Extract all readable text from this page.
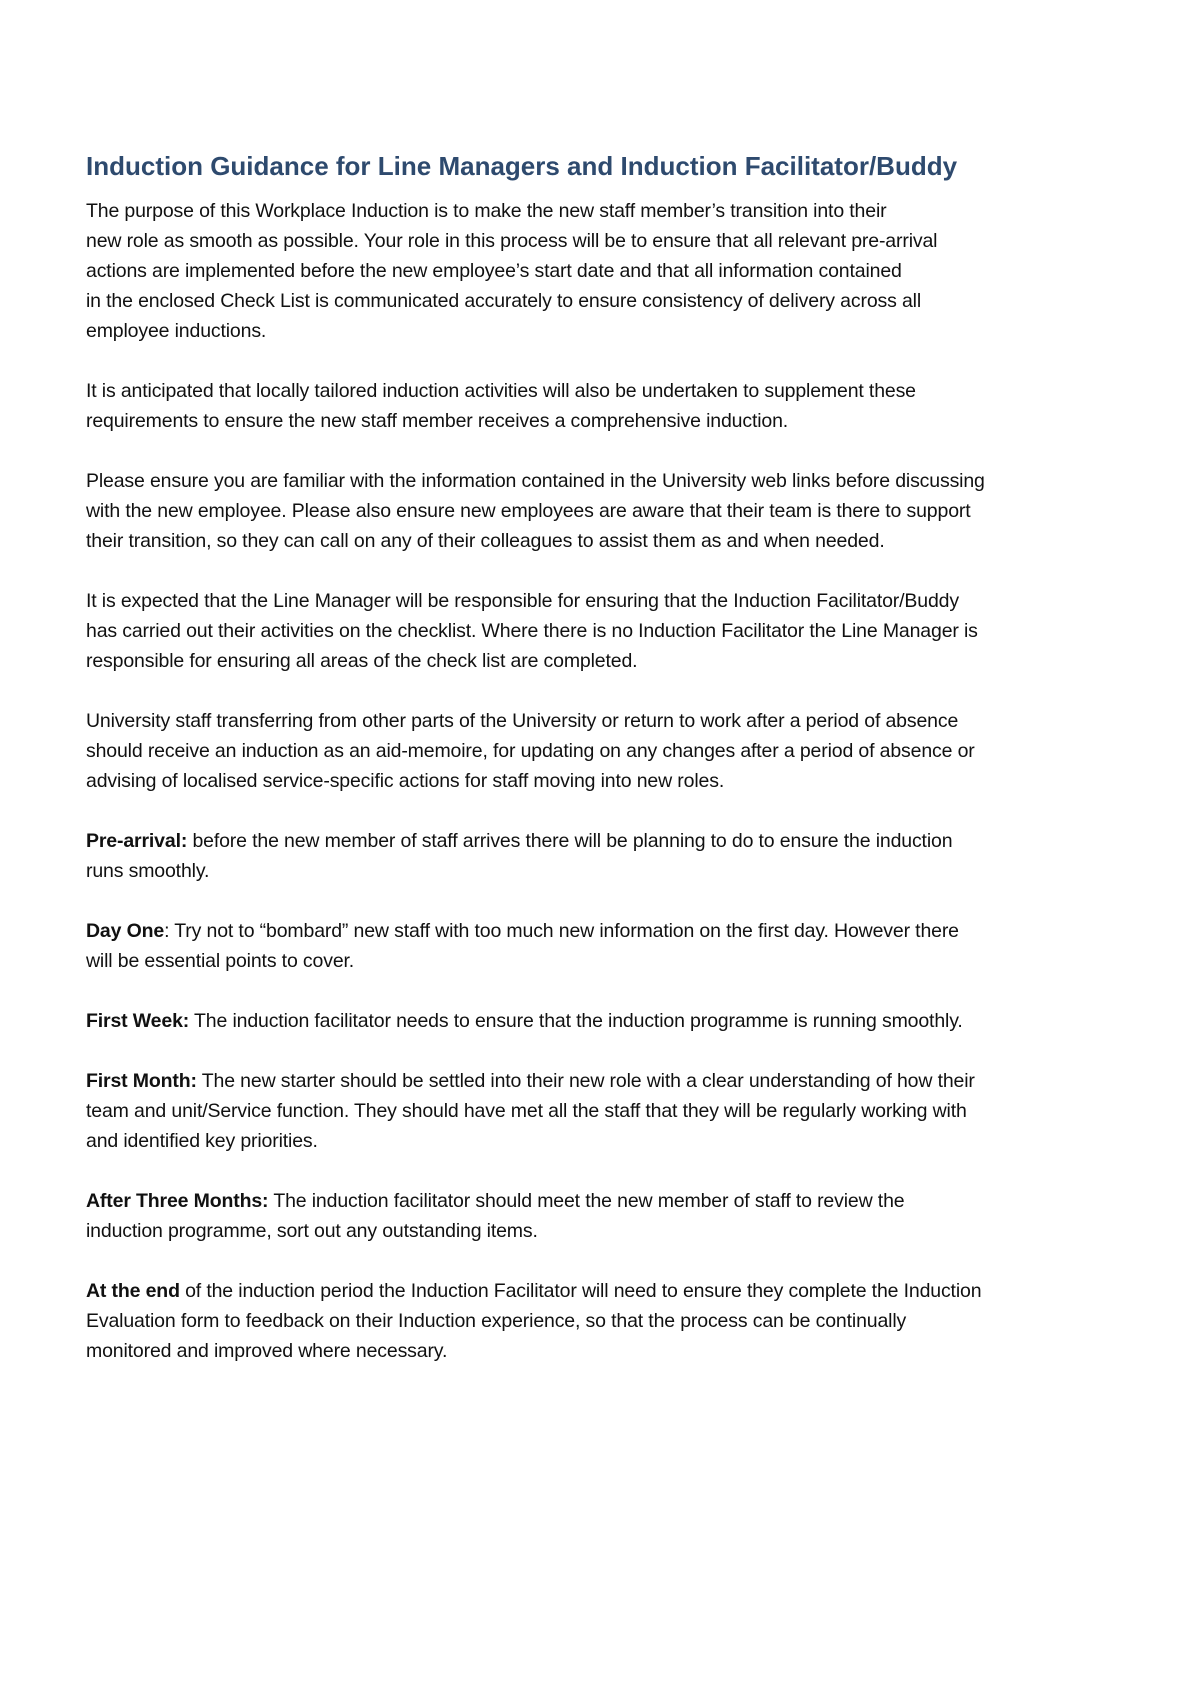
Induction Guidance for Line Managers and Induction Facilitator/Buddy

The purpose of this Workplace Induction is to make the new staff member’s transition into their
new role as smooth as possible. Your role in this process will be to ensure that all relevant pre-arrival
actions are implemented before the new employee’s start date and that all information contained
in the enclosed Check List is communicated accurately to ensure consistency of delivery across all
employee inductions.

It is anticipated that locally tailored induction activities will also be undertaken to supplement these
requirements to ensure the new staff member receives a comprehensive induction.

Please ensure you are familiar with the information contained in the University web links before discussing
with the new employee. Please also ensure new employees are aware that their team is there to support
their transition, so they can call on any of their colleagues to assist them as and when needed.

It is expected that the Line Manager will be responsible for ensuring that the Induction Facilitator/Buddy
has carried out their activities on the checklist. Where there is no Induction Facilitator the Line Manager is
responsible for ensuring all areas of the check list are completed.

University staff transferring from other parts of the University or return to work after a period of absence
should receive an induction as an aid-memoire, for updating on any changes after a period of absence or
advising of localised service-specific actions for staff moving into new roles.

Pre-arrival: before the new member of staff arrives there will be planning to do to ensure the induction
runs smoothly.

Day One: Try not to “bombard” new staff with too much new information on the first day. However there
will be essential points to cover.

First Week: The induction facilitator needs to ensure that the induction programme is running smoothly.

First Month: The new starter should be settled into their new role with a clear understanding of how their
team and unit/Service function. They should have met all the staff that they will be regularly working with
and identified key priorities.

After Three Months: The induction facilitator should meet the new member of staff to review the
induction programme, sort out any outstanding items.

At the end of the induction period the Induction Facilitator will need to ensure they complete the Induction
Evaluation form to feedback on their Induction experience, so that the process can be continually
monitored and improved where necessary.
